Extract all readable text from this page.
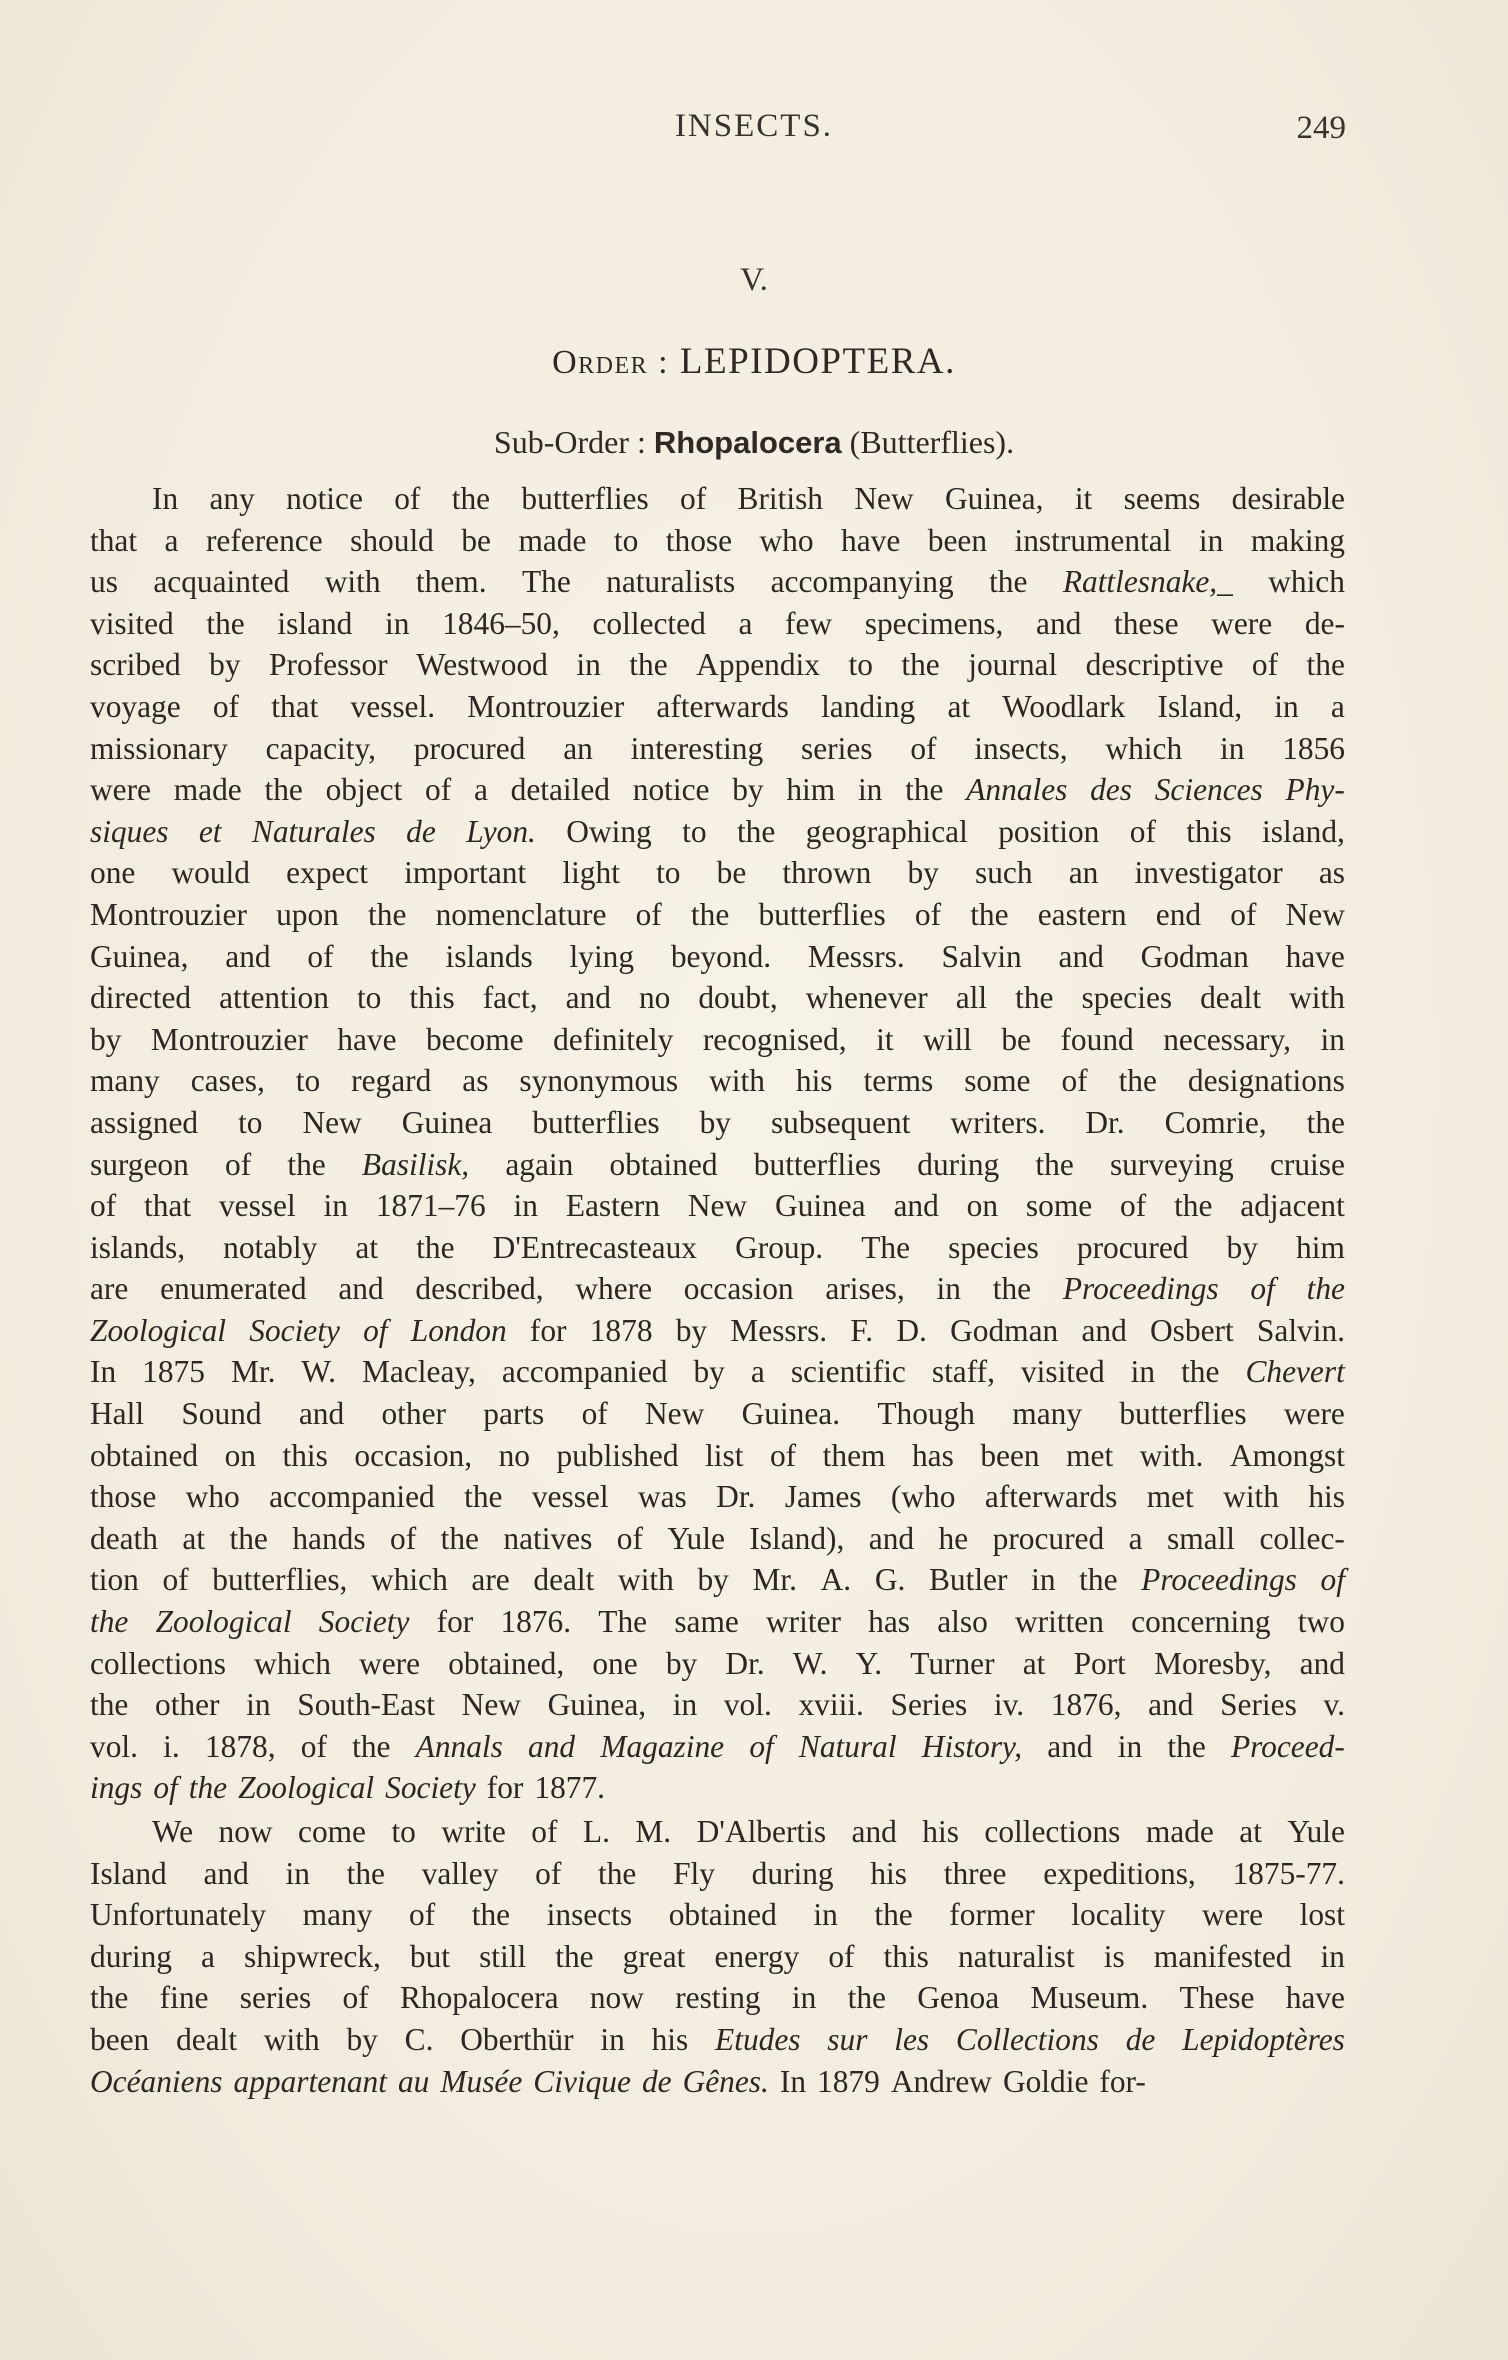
INSECTS.	249
V.
Order : LEPIDOPTERA.
Sub-Order : Rhopalocera (Butterflies).
In any notice of the butterflies of British New Guinea, it seems desirable
that a reference should be made to those who have been instrumental in making
us acquainted with them. The naturalists accompanying the Rattlesnake,_ which
visited the island in 1846–50, collected a few specimens, and these were de-
scribed by Professor Westwood in the Appendix to the journal descriptive of the
voyage of that vessel. Montrouzier afterwards landing at Woodlark Island, in a
missionary capacity, procured an interesting series of insects, which in 1856
were made the object of a detailed notice by him in the Annales des Sciences Phy-
siques et Naturales de Lyon. Owing to the geographical position of this island,
one would expect important light to be thrown by such an investigator as
Montrouzier upon the nomenclature of the butterflies of the eastern end of New
Guinea, and of the islands lying beyond. Messrs. Salvin and Godman have
directed attention to this fact, and no doubt, whenever all the species dealt with
by Montrouzier have become definitely recognised, it will be found necessary, in
many cases, to regard as synonymous with his terms some of the designations
assigned to New Guinea butterflies by subsequent writers. Dr. Comrie, the
surgeon of the Basilisk, again obtained butterflies during the surveying cruise
of that vessel in 1871–76 in Eastern New Guinea and on some of the adjacent
islands, notably at the D'Entrecasteaux Group. The species procured by him
are enumerated and described, where occasion arises, in the Proceedings of the
Zoological Society of London for 1878 by Messrs. F. D. Godman and Osbert Salvin.
In 1875 Mr. W. Macleay, accompanied by a scientific staff, visited in the Chevert
Hall Sound and other parts of New Guinea. Though many butterflies were
obtained on this occasion, no published list of them has been met with. Amongst
those who accompanied the vessel was Dr. James (who afterwards met with his
death at the hands of the natives of Yule Island), and he procured a small collec-
tion of butterflies, which are dealt with by Mr. A. G. Butler in the Proceedings of
the Zoological Society for 1876. The same writer has also written concerning two
collections which were obtained, one by Dr. W. Y. Turner at Port Moresby, and
the other in South-East New Guinea, in vol. xviii. Series iv. 1876, and Series v.
vol. i. 1878, of the Annals and Magazine of Natural History, and in the Proceed-
ings of the Zoological Society for 1877.
We now come to write of L. M. D'Albertis and his collections made at Yule
Island and in the valley of the Fly during his three expeditions, 1875-77.
Unfortunately many of the insects obtained in the former locality were lost
during a shipwreck, but still the great energy of this naturalist is manifested in
the fine series of Rhopalocera now resting in the Genoa Museum. These have
been dealt with by C. Oberthür in his Etudes sur les Collections de Lepidoptères
Océaniens appartenant au Musée Civique de Gênes. In 1879 Andrew Goldie for-
